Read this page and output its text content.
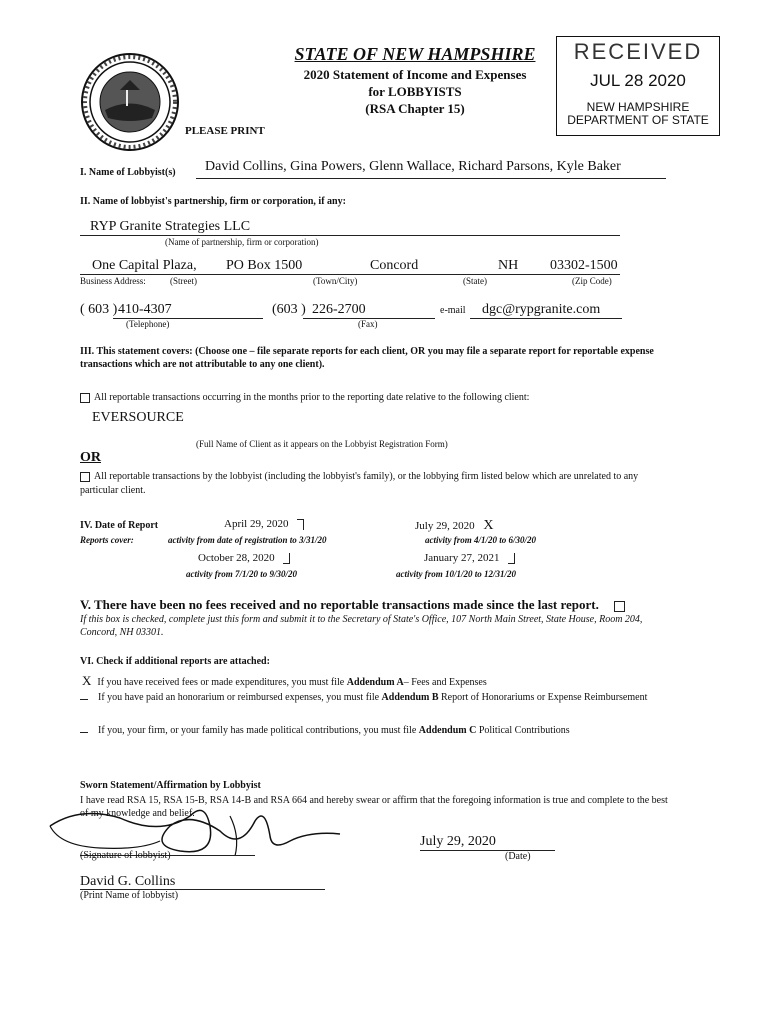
STATE OF NEW HAMPSHIRE
2020 Statement of Income and Expenses
for LOBBYISTS
(RSA Chapter 15)
PLEASE PRINT
RECEIVED
JUL 28 2020
NEW HAMPSHIRE
DEPARTMENT OF STATE
I. Name of Lobbyist(s) David Collins, Gina Powers, Glenn Wallace, Richard Parsons, Kyle Baker
II. Name of lobbyist's partnership, firm or corporation, if any:
RYP Granite Strategies LLC
(Name of partnership, firm or corporation)
One Capital Plaza, PO Box 1500	Concord	NH 03302-1500
Business Address:	(Street)	(Town/City)	(State)	(Zip Code)
( 603 ) 410-4307	(603 ) 226-2700	e-mail dgc@rypgranite.com
(Telephone)	(Fax)
III. This statement covers: (Choose one – file separate reports for each client, OR you may file a separate report for reportable expense transactions which are not attributable to any one client).
All reportable transactions occurring in the months prior to the reporting date relative to the following client:
EVERSOURCE
(Full Name of Client as it appears on the Lobbyist Registration Form)
OR
All reportable transactions by the lobbyist (including the lobbyist's family), or the lobbying firm listed below which are unrelated to any particular client.
IV. Date of Report
Reports cover:
April 29, 2020
activity from date of registration to 3/31/20
July 29, 2020 X
activity from 4/1/20 to 6/30/20
October 28, 2020
activity from 7/1/20 to 9/30/20
January 27, 2021
activity from 10/1/20 to 12/31/20
V. There have been no fees received and no reportable transactions made since the last report.
If this box is checked, complete just this form and submit it to the Secretary of State's Office, 107 North Main Street, State House, Room 204, Concord, NH 03301.
VI. Check if additional reports are attached:
X If you have received fees or made expenditures, you must file Addendum A– Fees and Expenses
If you have paid an honorarium or reimbursed expenses, you must file Addendum B Report of Honorariums or Expense Reimbursement
If you, your firm, or your family has made political contributions, you must file Addendum C Political Contributions
Sworn Statement/Affirmation by Lobbyist
I have read RSA 15, RSA 15-B, RSA 14-B and RSA 664 and hereby swear or affirm that the foregoing information is true and complete to the best of my knowledge and belief.
(Signature of lobbyist)
July 29, 2020
(Date)
David G. Collins
(Print Name of lobbyist)
